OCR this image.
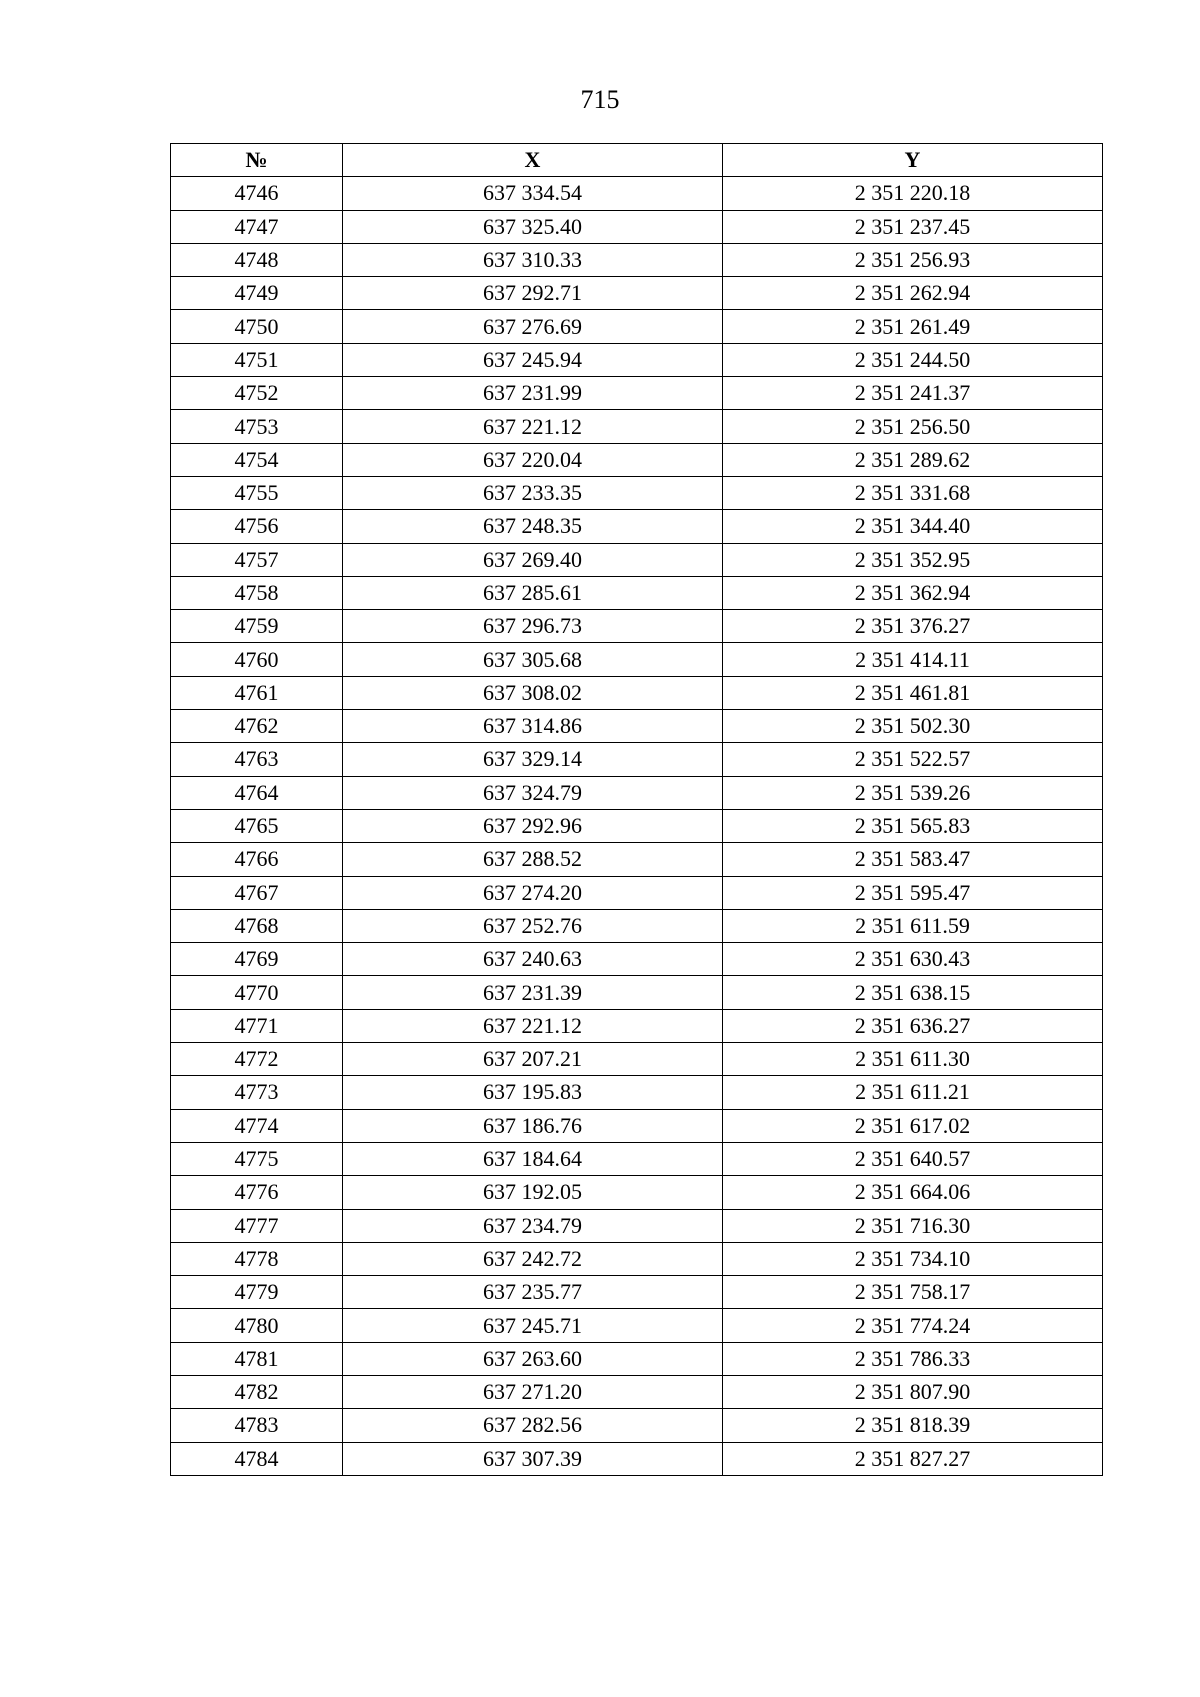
715
№	X	Y
4746	637 334.54	2 351 220.18
4747	637 325.40	2 351 237.45
4748	637 310.33	2 351 256.93
4749	637 292.71	2 351 262.94
4750	637 276.69	2 351 261.49
4751	637 245.94	2 351 244.50
4752	637 231.99	2 351 241.37
4753	637 221.12	2 351 256.50
4754	637 220.04	2 351 289.62
4755	637 233.35	2 351 331.68
4756	637 248.35	2 351 344.40
4757	637 269.40	2 351 352.95
4758	637 285.61	2 351 362.94
4759	637 296.73	2 351 376.27
4760	637 305.68	2 351 414.11
4761	637 308.02	2 351 461.81
4762	637 314.86	2 351 502.30
4763	637 329.14	2 351 522.57
4764	637 324.79	2 351 539.26
4765	637 292.96	2 351 565.83
4766	637 288.52	2 351 583.47
4767	637 274.20	2 351 595.47
4768	637 252.76	2 351 611.59
4769	637 240.63	2 351 630.43
4770	637 231.39	2 351 638.15
4771	637 221.12	2 351 636.27
4772	637 207.21	2 351 611.30
4773	637 195.83	2 351 611.21
4774	637 186.76	2 351 617.02
4775	637 184.64	2 351 640.57
4776	637 192.05	2 351 664.06
4777	637 234.79	2 351 716.30
4778	637 242.72	2 351 734.10
4779	637 235.77	2 351 758.17
4780	637 245.71	2 351 774.24
4781	637 263.60	2 351 786.33
4782	637 271.20	2 351 807.90
4783	637 282.56	2 351 818.39
4784	637 307.39	2 351 827.27
